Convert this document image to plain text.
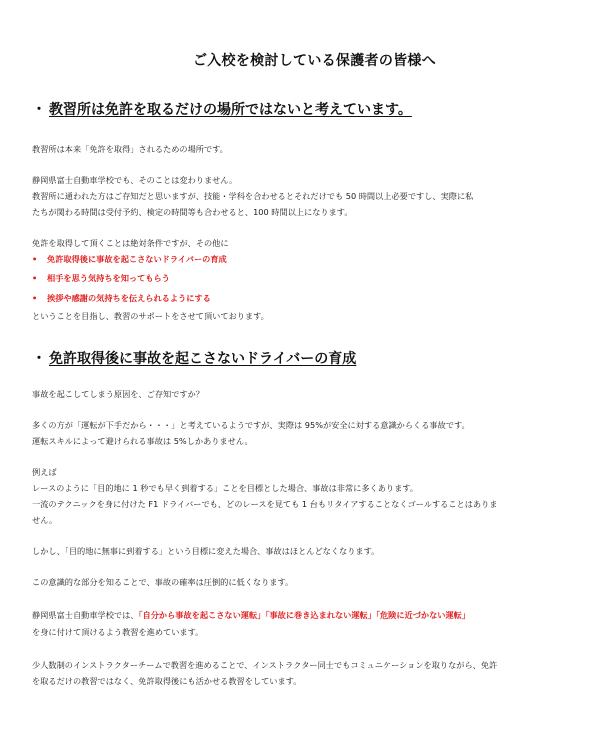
ご入校を検討している保護者の皆様へ
・ 教習所は免許を取るだけの場所ではないと考えています。
教習所は本来「免許を取得」されるための場所です。
静岡県富士自動車学校でも、そのことは変わりません。
教習所に通われた方はご存知だと思いますが、技能・学科を合わせるとそれだけでも 50 時間以上必要ですし、実際に私
たちが関わる時間は受付予約、検定の時間等も合わせると、100 時間以上になります。
免許を取得して頂くことは絶対条件ですが、その他に
• 免許取得後に事故を起こさないドライバーの育成
• 相手を思う気持ちを知ってもらう
• 挨拶や感謝の気持ちを伝えられるようにする
ということを目指し、教習のサポートをさせて頂いております。
・ 免許取得後に事故を起こさないドライバーの育成
事故を起こしてしまう原因を、ご存知ですか？
多くの方が「運転が下手だから・・・」と考えているようですが、実際は 95%が安全に対する意識からくる事故です。
運転スキルによって避けられる事故は 5%しかありません。
例えば
レースのように「目的地に 1 秒でも早く到着する」ことを目標とした場合、事故は非常に多くあります。
一流のテクニックを身に付けた F1 ドライバーでも、どのレースを見ても 1 台もリタイアすることなくゴールすることはありま
せん。
しかし、「目的地に無事に到着する」という目標に変えた場合、事故はほとんどなくなります。
この意識的な部分を知ることで、事故の確率は圧倒的に低くなります。
静岡県富士自動車学校では、「自分から事故を起こさない運転」「事故に巻き込まれない運転」「危険に近づかない運転」
を身に付けて頂けるよう教習を進めています。
少人数制のインストラクターチームで教習を進めることで、インストラクター同士でもコミュニケーションを取りながら、免許
を取るだけの教習ではなく、免許取得後にも活かせる教習をしています。
